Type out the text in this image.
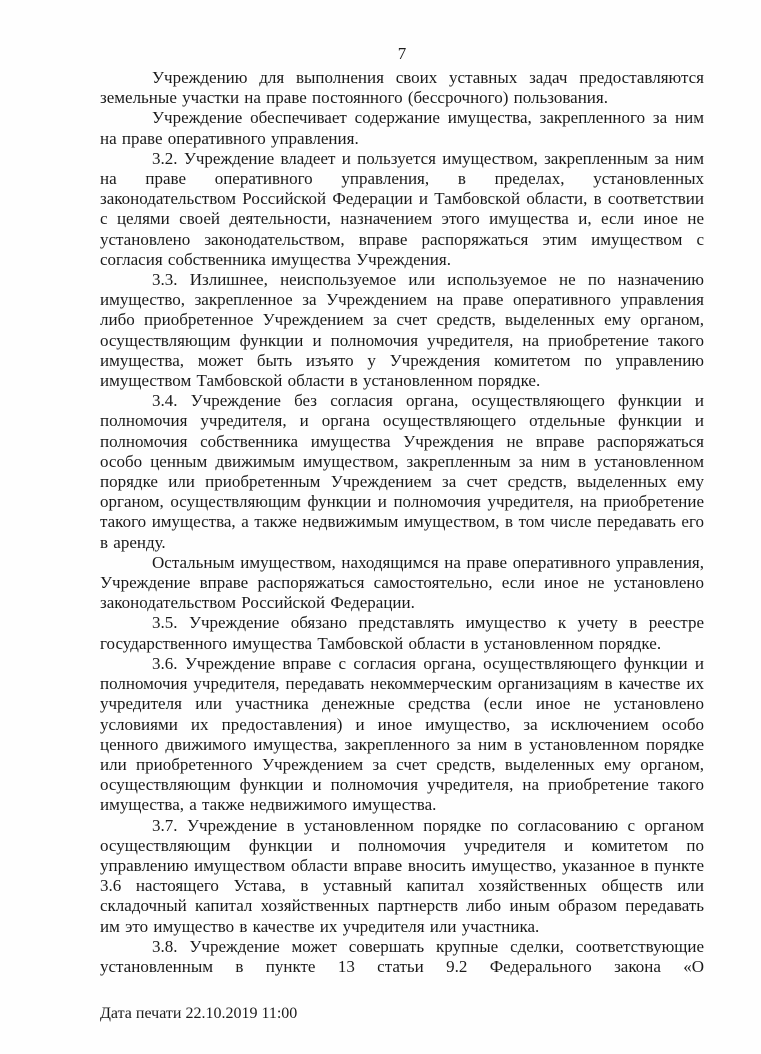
7

Учреждению для выполнения своих уставных задач предоставляются земельные участки на праве постоянного (бессрочного) пользования.

Учреждение обеспечивает содержание имущества, закрепленного за ним на праве оперативного управления.

3.2. Учреждение владеет и пользуется имуществом, закрепленным за ним на праве оперативного управления, в пределах, установленных законодательством Российской Федерации и Тамбовской области, в соответствии с целями своей деятельности, назначением этого имущества и, если иное не установлено законодательством, вправе распоряжаться этим имуществом с согласия собственника имущества Учреждения.

3.3. Излишнее, неиспользуемое или используемое не по назначению имущество, закрепленное за Учреждением на праве оперативного управления либо приобретенное Учреждением за счет средств, выделенных ему органом, осуществляющим функции и полномочия учредителя, на приобретение такого имущества, может быть изъято у Учреждения комитетом по управлению имуществом Тамбовской области в установленном порядке.

3.4. Учреждение без согласия органа, осуществляющего функции и полномочия учредителя, и органа осуществляющего отдельные функции и полномочия собственника имущества Учреждения не вправе распоряжаться особо ценным движимым имуществом, закрепленным за ним в установленном порядке или приобретенным Учреждением за счет средств, выделенных ему органом, осуществляющим функции и полномочия учредителя, на приобретение такого имущества, а также недвижимым имуществом, в том числе передавать его в аренду.

Остальным имуществом, находящимся на праве оперативного управления, Учреждение вправе распоряжаться самостоятельно, если иное не установлено законодательством Российской Федерации.

3.5. Учреждение обязано представлять имущество к учету в реестре государственного имущества Тамбовской области в установленном порядке.

3.6. Учреждение вправе с согласия органа, осуществляющего функции и полномочия учредителя, передавать некоммерческим организациям в качестве их учредителя или участника денежные средства (если иное не установлено условиями их предоставления) и иное имущество, за исключением особо ценного движимого имущества, закрепленного за ним в установленном порядке или приобретенного Учреждением за счет средств, выделенных ему органом, осуществляющим функции и полномочия учредителя, на приобретение такого имущества, а также недвижимого имущества.

3.7. Учреждение в установленном порядке по согласованию с органом осуществляющим функции и полномочия учредителя и комитетом по управлению имуществом области вправе вносить имущество, указанное в пункте 3.6 настоящего Устава, в уставный капитал хозяйственных обществ или складочный капитал хозяйственных партнерств либо иным образом передавать им это имущество в качестве их учредителя или участника.

3.8. Учреждение может совершать крупные сделки, соответствующие установленным в пункте 13 статьи 9.2 Федерального закона «О

Дата печати 22.10.2019 11:00
